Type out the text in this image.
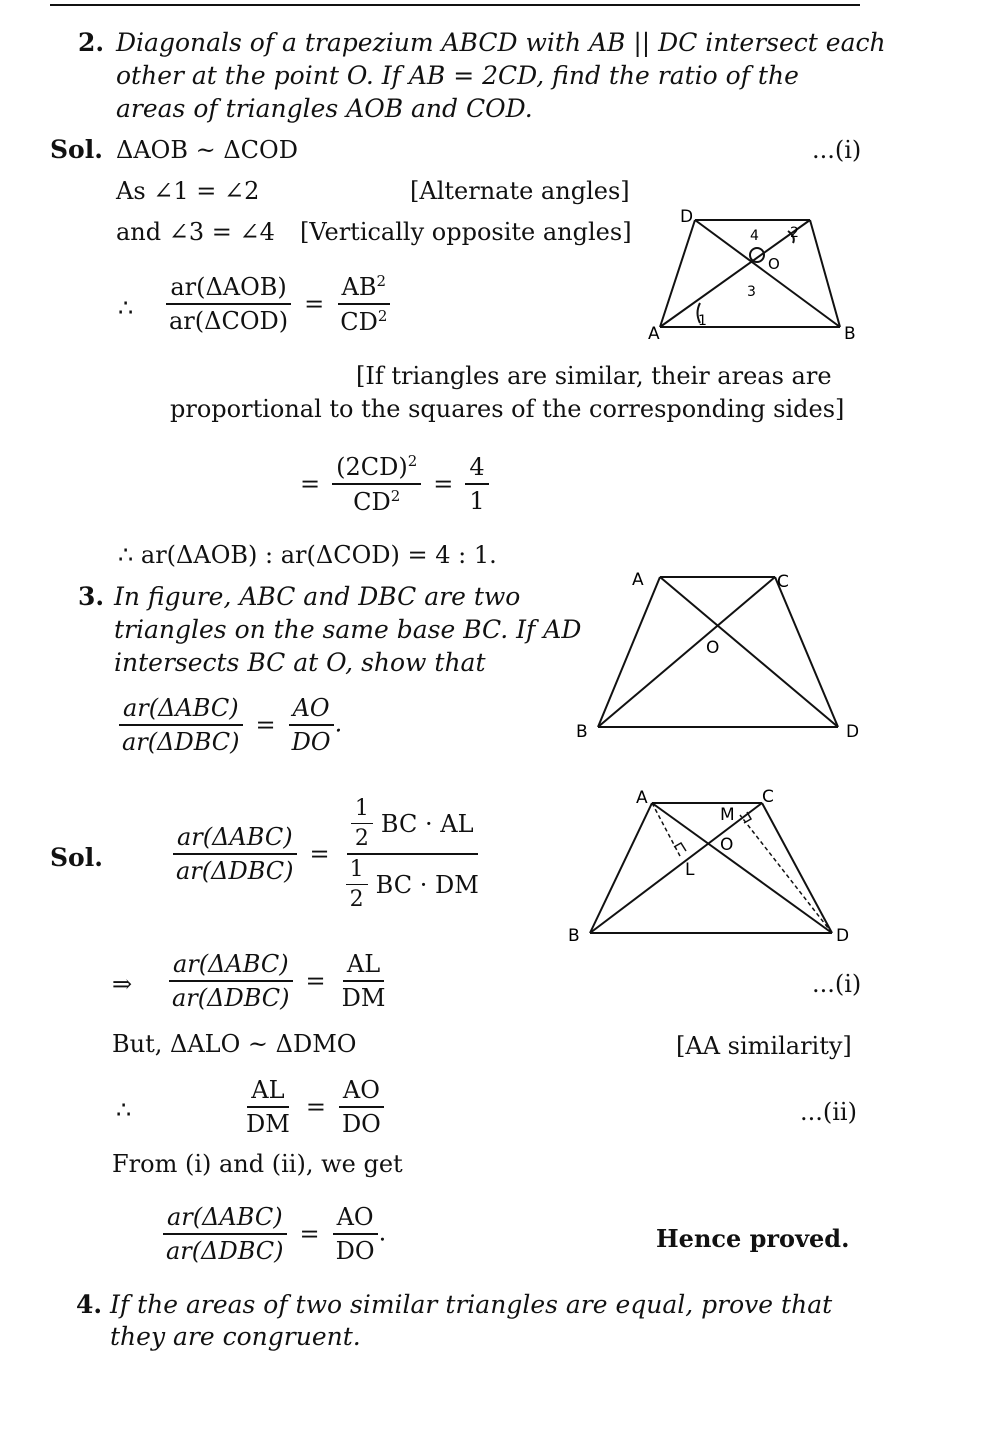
2. Diagonals of a trapezium ABCD with AB || DC intersect each
other at the point O. If AB = 2CD, find the ratio of the
areas of triangles AOB and COD.
Sol. ΔAOB ~ ΔCOD	...(i)
As ∠1 = ∠2	[Alternate angles]
and ∠3 = ∠4 [Vertically opposite angles]
∴ $\frac{\text{ar(ΔAOB)}}{\text{ar(ΔCOD)}} = \frac{AB^2}{CD^2}$
[If triangles are similar, their areas are
proportional to the squares of the corresponding sides]
= $\frac{(2CD)^2}{CD^2} = \frac{4}{1}$
∴ ar(ΔAOB) : ar(ΔCOD) = 4 : 1.
D
A	B
1
2
3
4
O
3. In figure, ABC and DBC are two
triangles on the same base BC. If AD
intersects BC at O, show that
$\frac{\text{ar(ΔABC)}}{\text{ar(ΔDBC)}} = \frac{AO}{DO}$ .
A	C
O
B	D
Sol.	$\frac{\text{ar(ΔABC)}}{\text{ar(ΔDBC)}} = \frac{\frac{1}{2} BC \cdot AL}{\frac{1}{2} BC \cdot DM}$
⇒ $\frac{\text{ar(ΔABC)}}{\text{ar(ΔDBC)}} = \frac{AL}{DM}$	...(i)
But, ΔALO ~ ΔDMO	[AA similarity]
∴	$\frac{AL}{DM} = \frac{AO}{DO}$	...(ii)
From (i) and (ii), we get
$\frac{\text{ar(ΔABC)}}{\text{ar(ΔDBC)}} = \frac{AO}{DO}$ .	Hence proved.
A	C
M
O
L
B	D
4. If the areas of two similar triangles are equal, prove that
they are congruent.
